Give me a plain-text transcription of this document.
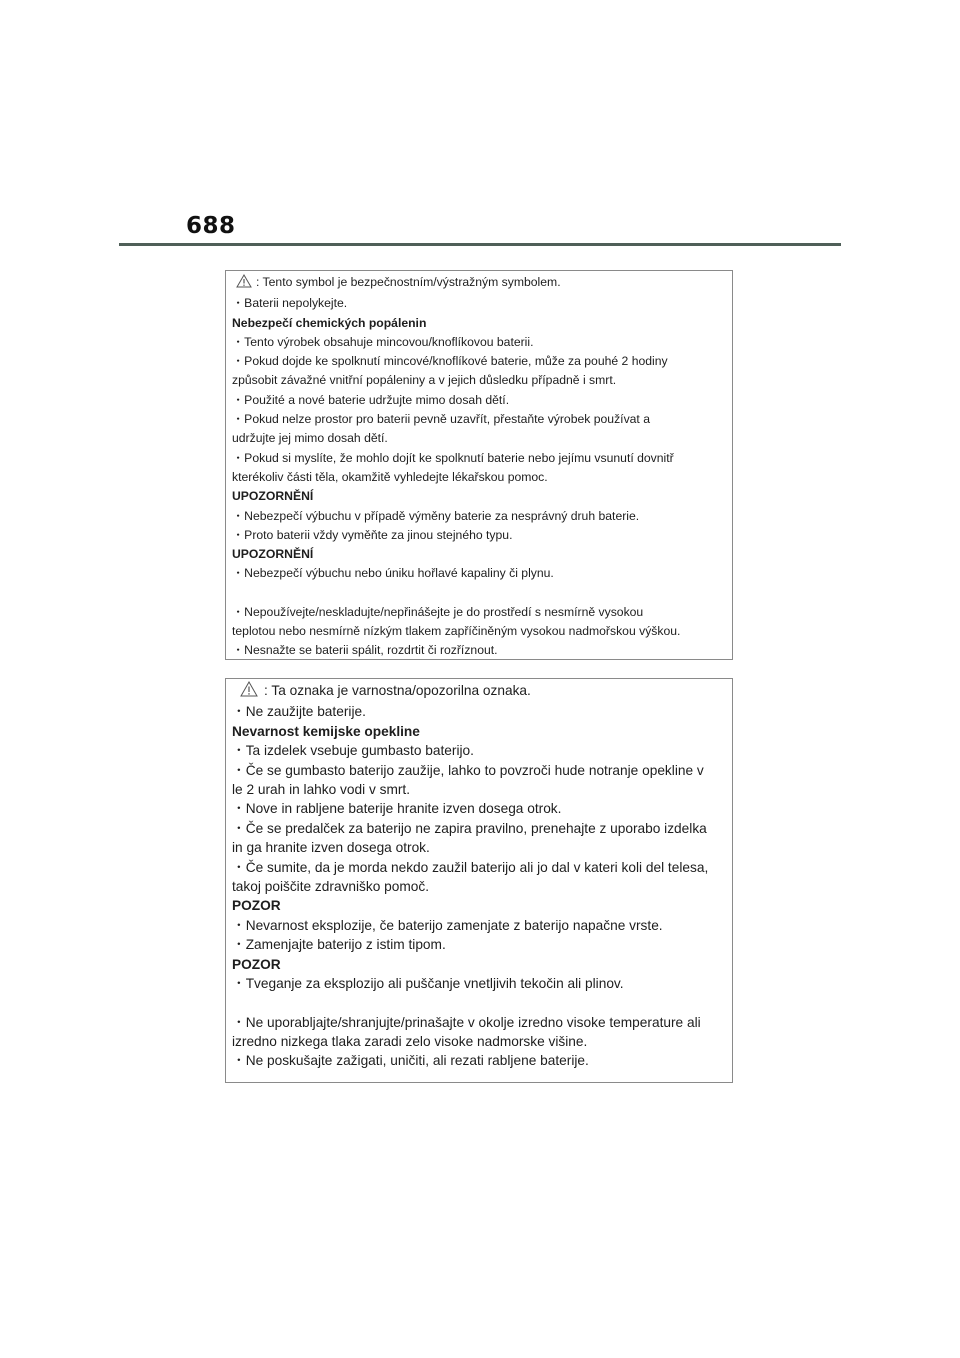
688
: Tento symbol je bezpečnostním/výstražným symbolem.
・Baterii nepolykejte.
Nebezpečí chemických popálenin
・Tento výrobek obsahuje mincovou/knoflíkovou baterii.
・Pokud dojde ke spolknutí mincové/knoflíkové baterie, může za pouhé 2 hodiny
způsobit závažné vnitřní popáleniny a v jejich důsledku případně i smrt.
・Použité a nové baterie udržujte mimo dosah dětí.
・Pokud nelze prostor pro baterii pevně uzavřít, přestaňte výrobek používat a
udržujte jej mimo dosah dětí.
・Pokud si myslíte, že mohlo dojít ke spolknutí baterie nebo jejímu vsunutí dovnitř
kterékoliv části těla, okamžitě vyhledejte lékařskou pomoc.
UPOZORNĚNÍ
・Nebezpečí výbuchu v případě výměny baterie za nesprávný druh baterie.
・Proto baterii vždy vyměňte za jinou stejného typu.
UPOZORNĚNÍ
・Nebezpečí výbuchu nebo úniku hořlavé kapaliny či plynu.
・Nepoužívejte/neskladujte/nepřinášejte je do prostředí s nesmírně vysokou
teplotou nebo nesmírně nízkým tlakem zapříčiněným vysokou nadmořskou výškou.
・Nesnažte se baterii spálit, rozdrtit či rozříznout.
: Ta oznaka je varnostna/opozorilna oznaka.
・Ne zaužijte baterije.
Nevarnost kemijske opekline
・Ta izdelek vsebuje gumbasto baterijo.
・Če se gumbasto baterijo zaužije, lahko to povzroči hude notranje opekline v
le 2 urah in lahko vodi v smrt.
・Nove in rabljene baterije hranite izven dosega otrok.
・Če se predalček za baterijo ne zapira pravilno, prenehajte z uporabo izdelka
in ga hranite izven dosega otrok.
・Če sumite, da je morda nekdo zaužil baterijo ali jo dal v kateri koli del telesa,
takoj poiščite zdravniško pomoč.
POZOR
・Nevarnost eksplozije, če baterijo zamenjate z baterijo napačne vrste.
・Zamenjajte baterijo z istim tipom.
POZOR
・Tveganje za eksplozijo ali puščanje vnetljivih tekočin ali plinov.
・Ne uporabljajte/shranjujte/prinašajte v okolje izredno visoke temperature ali
izredno nizkega tlaka zaradi zelo visoke nadmorske višine.
・Ne poskušajte zažigati, uničiti, ali rezati rabljene baterije.
